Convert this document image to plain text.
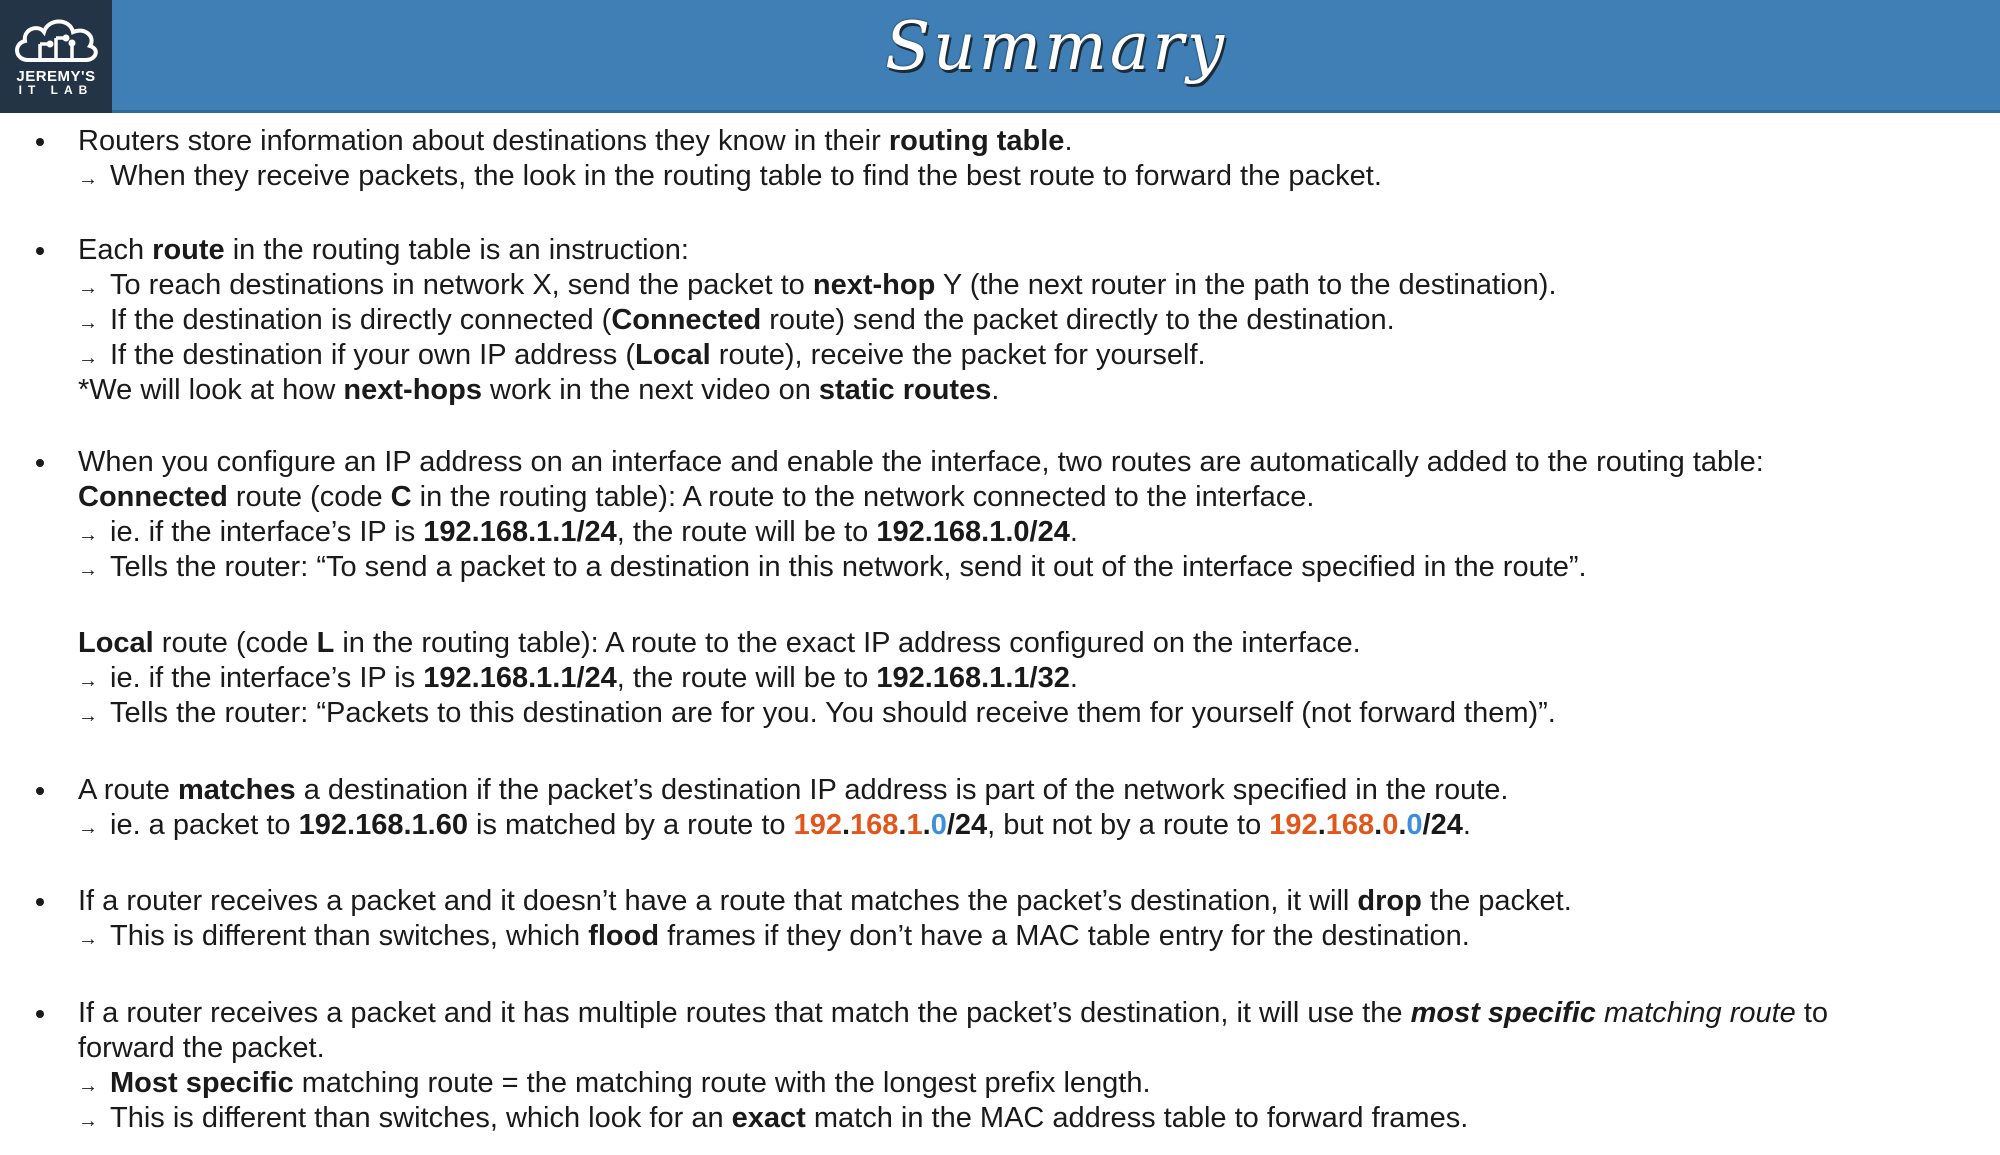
JEREMY'S
IT LAB
Summary
Routers store information about destinations they know in their routing table.
→ When they receive packets, the look in the routing table to find the best route to forward the packet.
Each route in the routing table is an instruction:
→ To reach destinations in network X, send the packet to next-hop Y (the next router in the path to the destination).
→ If the destination is directly connected (Connected route) send the packet directly to the destination.
→ If the destination if your own IP address (Local route), receive the packet for yourself.
*We will look at how next-hops work in the next video on static routes.
When you configure an IP address on an interface and enable the interface, two routes are automatically added to the routing table:
Connected route (code C in the routing table): A route to the network connected to the interface.
→ ie. if the interface’s IP is 192.168.1.1/24, the route will be to 192.168.1.0/24.
→ Tells the router: “To send a packet to a destination in this network, send it out of the interface specified in the route”.
Local route (code L in the routing table): A route to the exact IP address configured on the interface.
→ ie. if the interface’s IP is 192.168.1.1/24, the route will be to 192.168.1.1/32.
→ Tells the router: “Packets to this destination are for you. You should receive them for yourself (not forward them)”.
A route matches a destination if the packet’s destination IP address is part of the network specified in the route.
→ ie. a packet to 192.168.1.60 is matched by a route to 192.168.1.0/24, but not by a route to 192.168.0.0/24.
If a router receives a packet and it doesn’t have a route that matches the packet’s destination, it will drop the packet.
→ This is different than switches, which flood frames if they don’t have a MAC table entry for the destination.
If a router receives a packet and it has multiple routes that match the packet’s destination, it will use the most specific matching route to
forward the packet.
→ Most specific matching route = the matching route with the longest prefix length.
→ This is different than switches, which look for an exact match in the MAC address table to forward frames.
